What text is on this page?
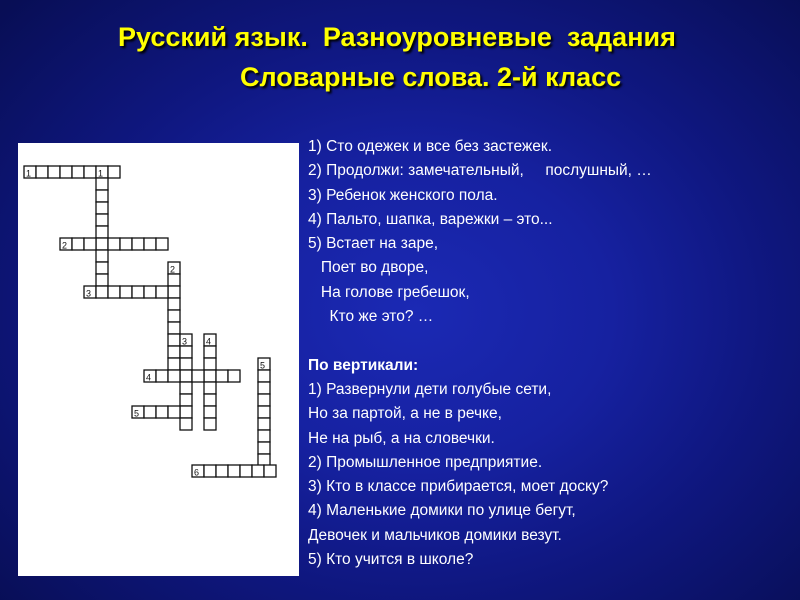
Русский язык.  Разноуровневые  задания
Словарные слова. 2-й класс
1	1
2
2
3
3 4
4
5
5
6
1) Сто одежек и все без застежек.
2) Продолжи: замечательный,     послушный, …
3) Ребенок женского пола.
4) Пальто, шапка, варежки – это...
5) Встает на заре,
Поет во дворе,
На голове гребешок,
Кто же это? …
По вертикали:
1) Развернули дети голубые сети,
Но за партой, а не в речке,
Не на рыб, а на словечки.
2) Промышленное предприятие.
3) Кто в классе прибирается, моет доску?
4) Маленькие домики по улице бегут,
Девочек и мальчиков домики везут.
5) Кто учится в школе?
